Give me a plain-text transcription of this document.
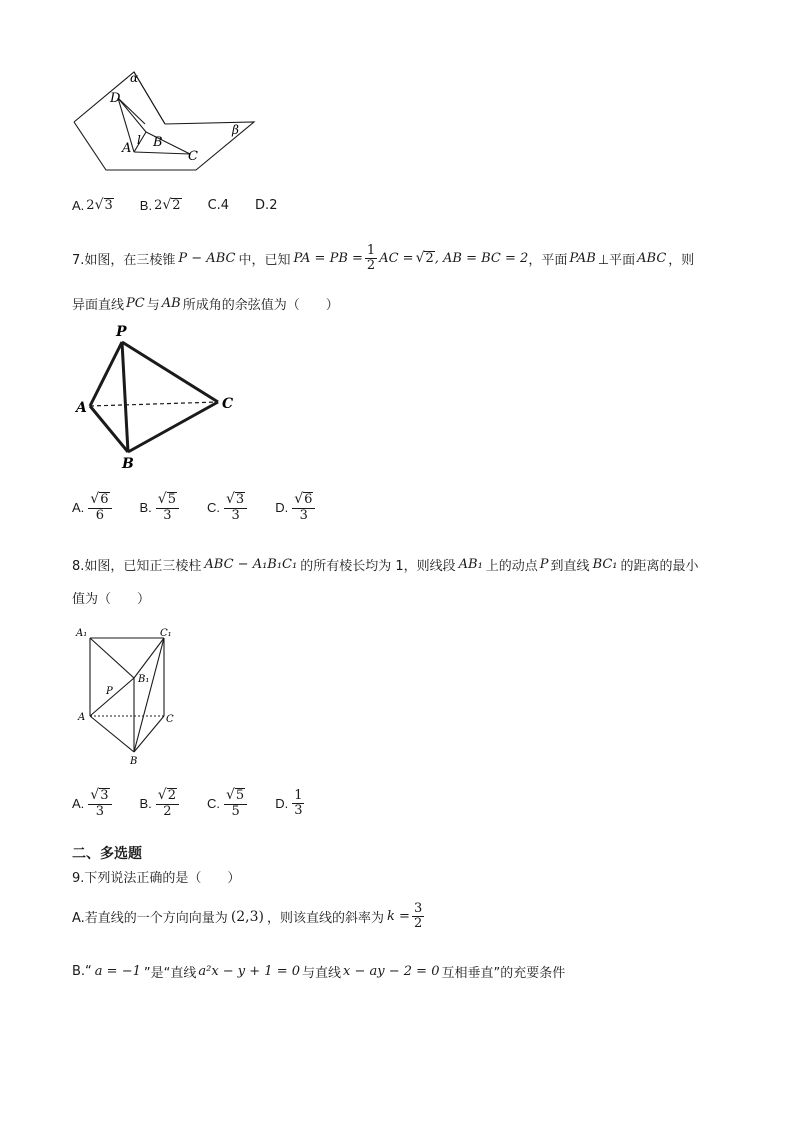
α
β
D
A
l B
C
A. 2 √ 3 B. 2 √ 2 C.4 D.2
7.如图，在三棱锥 P − ABC 中，已知 PA = PB = $\frac{1}{2}$ AC = √ 2 , AB = BC = 2 ，平面 PAB ⊥平面 ABC ，则
异面直线 PC 与 AB 所成角的余弦值为（　　）
P
A	C
B
A. $\frac{√ 6}{6} B$. $\frac{√ 5}{3} C$. $\frac{√ 3}{3} D$. $\frac{√ 6}{3}$
8.如图，已知正三棱柱 ABC − A₁B₁C₁ 的所有棱长均为 1，则线段 AB₁ 上的动点 P 到直线 BC₁ 的距离的最小
值为（　　）
A₁	C₁
B₁
P
A	C
B
A. $\frac{√ 3}{3} B$. $\frac{√ 2}{2} C$. $\frac{√ 5}{5} D$. $\frac{1}{3}$
二、多选题
9.下列说法正确的是（　　）
A.若直线的一个方向向量为 (2,3) ，则该直线的斜率为 $k = \frac{3}{2}$
B.“ a = −1 ”是“直线 a²x − y + 1 = 0 与直线 x − ay − 2 = 0 互相垂直”的充要条件
